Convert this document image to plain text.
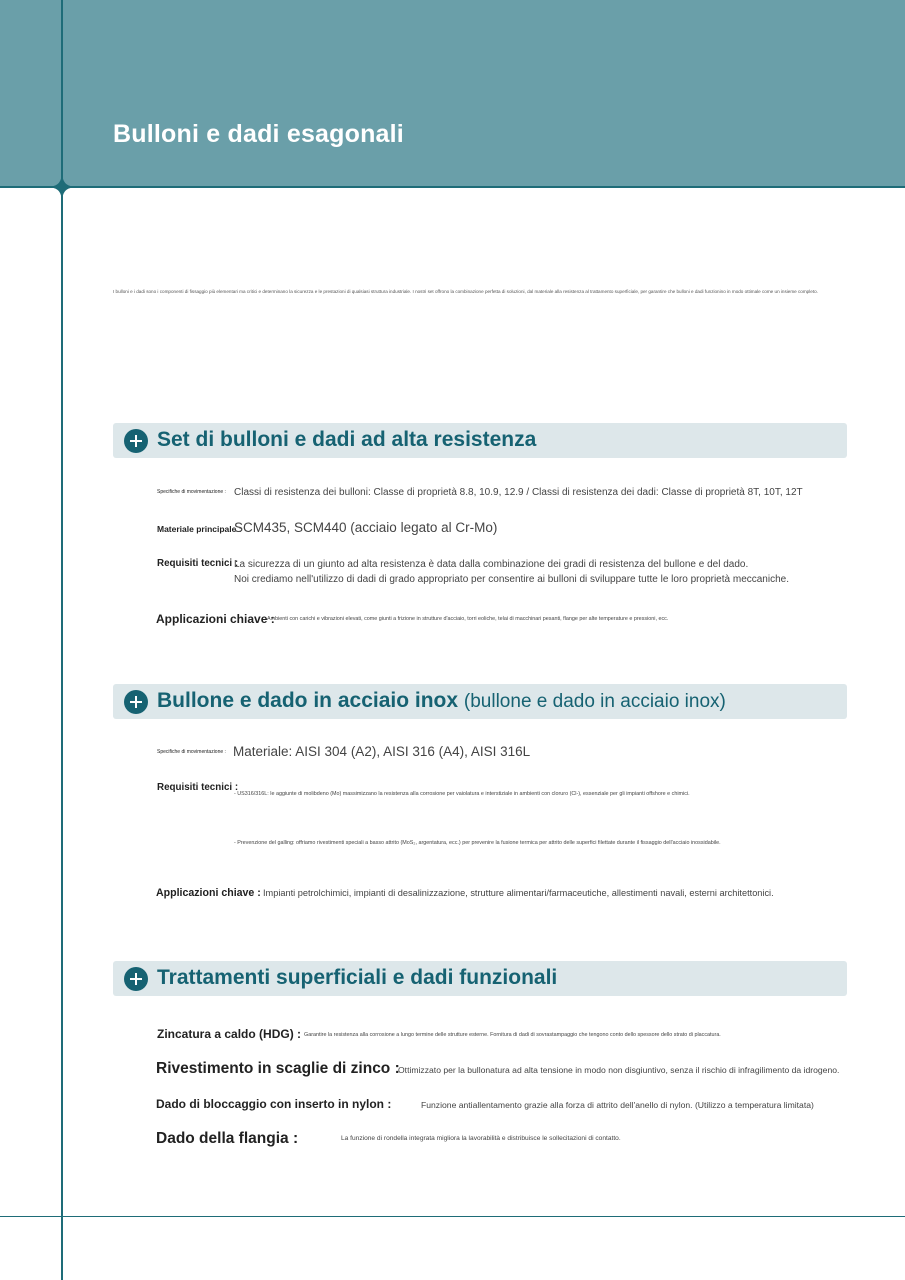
Bulloni e dadi esagonali
I bulloni e i dadi sono i componenti di fissaggio più elementari ma critici e determinano la sicurezza e le prestazioni di qualsiasi struttura industriale. I nostri set offrono la combinazione perfetta di soluzioni, dal materiale alla resistenza al trattamento superficiale, per garantire che bulloni e dadi funzionino in modo ottimale come un insieme completo.
Set di bulloni e dadi ad alta resistenza
Specifiche di movimentazione : Classi di resistenza dei bulloni: Classe di proprietà 8.8, 10.9, 12.9 / Classi di resistenza dei dadi: Classe di proprietà 8T, 10T, 12T
Materiale principale :
SCM435, SCM440 (acciaio legato al Cr-Mo)
Requisiti tecnici :
La sicurezza di un giunto ad alta resistenza è data dalla combinazione dei gradi di resistenza del bullone e del dado.
Noi crediamo nell'utilizzo di dadi di grado appropriato per consentire ai bulloni di sviluppare tutte le loro proprietà meccaniche.
Applicazioni chiave :
Ambienti con carichi e vibrazioni elevati, come giunti a frizione in strutture d'acciaio, torri eoliche, telai di macchinari pesanti, flange per alte temperature e pressioni, ecc.
Bullone e dado in acciaio inox (bullone e dado in acciaio inox)
Specifiche di movimentazione : Materiale: AISI 304 (A2), AISI 316 (A4), AISI 316L
Requisiti tecnici :
- US316/316L: le aggiunte di molibdeno (Mo) massimizzano la resistenza alla corrosione per vaiolatura e interstiziale in ambienti con cloruro (Cl-), essenziale per gli impianti offshore e chimici.
- Prevenzione del galling: offriamo rivestimenti speciali a basso attrito (MoS₂, argentatura, ecc.) per prevenire la fusione termica per attrito delle superfici filettate durante il fissaggio dell'acciaio inossidabile.
Applicazioni chiave : Impianti petrolchimici, impianti di desalinizzazione, strutture alimentari/farmaceutiche, allestimenti navali, esterni architettonici.
Trattamenti superficiali e dadi funzionali
Zincatura a caldo (HDG) : Garantire la resistenza alla corrosione a lungo termine delle strutture esterne. Fornitura di dadi di sovrastampaggio che tengono conto dello spessore dello strato di placcatura.
Rivestimento in scaglie di zinco :
Ottimizzato per la bullonatura ad alta tensione in modo non disgiuntivo, senza il rischio di infragilimento da idrogeno.
Dado di bloccaggio con inserto in nylon :	Funzione antiallentamento grazie alla forza di attrito dell'anello di nylon. (Utilizzo a temperatura limitata)
Dado della flangia :	La funzione di rondella integrata migliora la lavorabilità e distribuisce le sollecitazioni di contatto.
